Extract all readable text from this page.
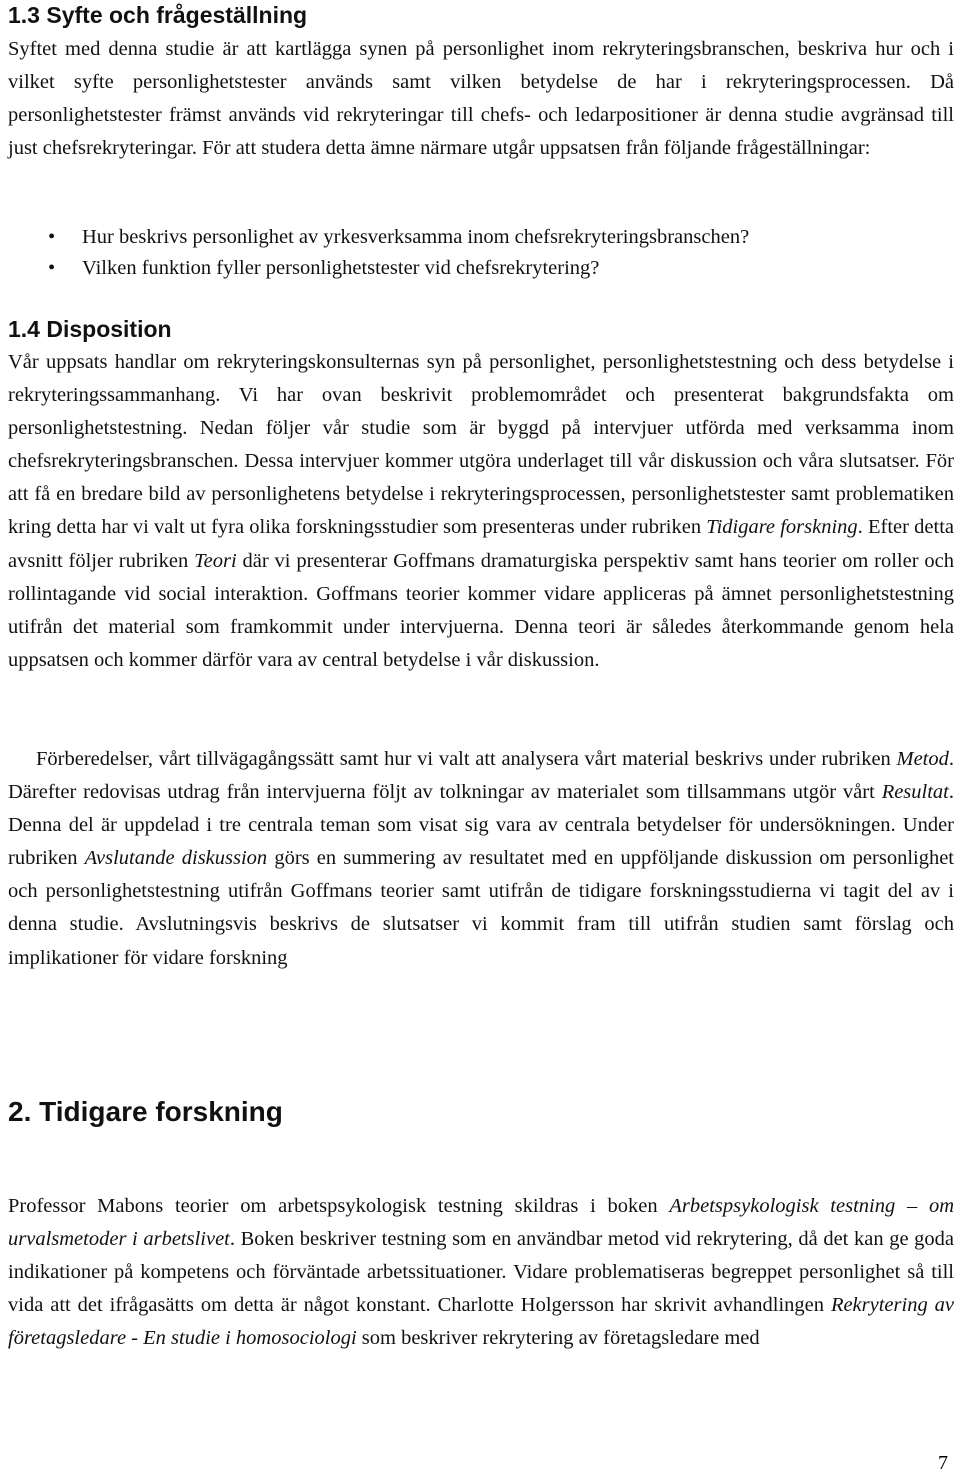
1.3 Syfte och frågeställning

Syftet med denna studie är att kartlägga synen på personlighet inom rekryteringsbranschen, beskriva hur och i vilket syfte personlighetstester används samt vilken betydelse de har i rekryteringsprocessen. Då personlighetstester främst används vid rekryteringar till chefs- och ledarpositioner är denna studie avgränsad till just chefsrekryteringar. För att studera detta ämne närmare utgår uppsatsen från följande frågeställningar:

• Hur beskrivs personlighet av yrkesverksamma inom chefsrekryteringsbranschen?
• Vilken funktion fyller personlighetstester vid chefsrekrytering?
1.4 Disposition

Vår uppsats handlar om rekryteringskonsulternas syn på personlighet, personlighetstestning och dess betydelse i rekryteringssammanhang. Vi har ovan beskrivit problemområdet och presenterat bakgrundsfakta om personlighetstestning. Nedan följer vår studie som är byggd på intervjuer utförda med verksamma inom chefsrekryteringsbranschen. Dessa intervjuer kommer utgöra underlaget till vår diskussion och våra slutsatser. För att få en bredare bild av personlighetens betydelse i rekryteringsprocessen, personlighetstester samt problematiken kring detta har vi valt ut fyra olika forskningsstudier som presenteras under rubriken Tidigare forskning. Efter detta avsnitt följer rubriken Teori där vi presenterar Goffmans dramaturgiska perspektiv samt hans teorier om roller och rollintagande vid social interaktion. Goffmans teorier kommer vidare appliceras på ämnet personlighetstestning utifrån det material som framkommit under intervjuerna. Denna teori är således återkommande genom hela uppsatsen och kommer därför vara av central betydelse i vår diskussion.

Förberedelser, vårt tillvägagångssätt samt hur vi valt att analysera vårt material beskrivs under rubriken Metod. Därefter redovisas utdrag från intervjuerna följt av tolkningar av materialet som tillsammans utgör vårt Resultat. Denna del är uppdelad i tre centrala teman som visat sig vara av centrala betydelser för undersökningen. Under rubriken Avslutande diskussion görs en summering av resultatet med en uppföljande diskussion om personlighet och personlighetstestning utifrån Goffmans teorier samt utifrån de tidigare forskningsstudierna vi tagit del av i denna studie. Avslutningsvis beskrivs de slutsatser vi kommit fram till utifrån studien samt förslag och implikationer för vidare forskning

2. Tidigare forskning

Professor Mabons teorier om arbetspsykologisk testning skildras i boken Arbetspsykologisk testning – om urvalsmetoder i arbetslivet. Boken beskriver testning som en användbar metod vid rekrytering, då det kan ge goda indikationer på kompetens och förväntade arbetssituationer. Vidare problematiseras begreppet personlighet så till vida att det ifrågasätts om detta är något konstant. Charlotte Holgersson har skrivit avhandlingen Rekrytering av företagsledare - En studie i homosociologi som beskriver rekrytering av företagsledare med

7
